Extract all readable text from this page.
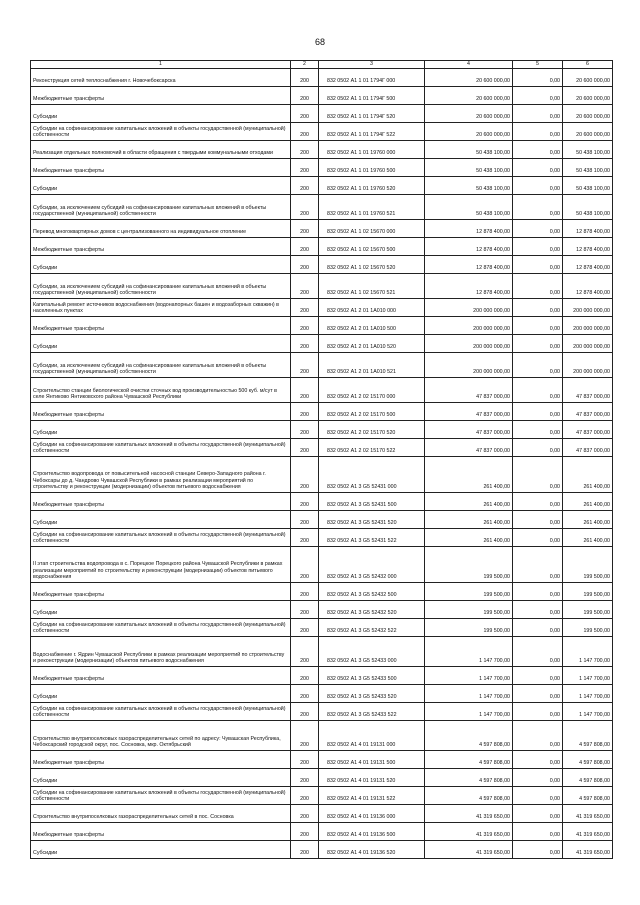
68
1	2	3	4	5	6
Реконструкция сетей теплоснабжения г. Новочебоксарска	200	832 0502 А1 1 01 1794Г 000	20 600 000,00	0,00	20 600 000,00
Межбюджетные трансферты	200	832 0502 А1 1 01 1794Г 500	20 600 000,00	0,00	20 600 000,00
Субсидии	200	832 0502 А1 1 01 1794Г 520	20 600 000,00	0,00	20 600 000,00
Субсидии на софинансирование капитальных вложений в объекты государственной (муниципальной) собственности	200	832 0502 А1 1 01 1794Г 522	20 600 000,00	0,00	20 600 000,00
Реализация отдельных полномочий в области обращения с твердыми коммунальными отходами	200	832 0502 А1 1 01 19760 000	50 438 100,00	0,00	50 438 100,00
Межбюджетные трансферты	200	832 0502 А1 1 01 19760 500	50 438 100,00	0,00	50 438 100,00
Субсидии	200	832 0502 А1 1 01 19760 520	50 438 100,00	0,00	50 438 100,00
Субсидии, за исключением субсидий на софинансирование капитальных вложений в объекты государственной (муниципальной) собственности	200	832 0502 А1 1 01 19760 521	50 438 100,00	0,00	50 438 100,00
Перевод многоквартирных домов с централизованного на индивидуальное отопление	200	832 0502 А1 1 02 15670 000	12 878 400,00	0,00	12 878 400,00
Межбюджетные трансферты	200	832 0502 А1 1 02 15670 500	12 878 400,00	0,00	12 878 400,00
Субсидии	200	832 0502 А1 1 02 15670 520	12 878 400,00	0,00	12 878 400,00
Субсидии, за исключением субсидий на софинансирование капитальных вложений в объекты государственной (муниципальной) собственности	200	832 0502 А1 1 02 15670 521	12 878 400,00	0,00	12 878 400,00
Капитальный ремонт источников водоснабжения (водонапорных башен и водозаборных скважин) в населенных пунктах	200	832 0502 А1 2 01 1А010 000	200 000 000,00	0,00	200 000 000,00
Межбюджетные трансферты	200	832 0502 А1 2 01 1А010 500	200 000 000,00	0,00	200 000 000,00
Субсидии	200	832 0502 А1 2 01 1А010 520	200 000 000,00	0,00	200 000 000,00
Субсидии, за исключением субсидий на софинансирование капитальных вложений в объекты государственной (муниципальной) собственности	200	832 0502 А1 2 01 1А010 521	200 000 000,00	0,00	200 000 000,00
Строительство станции биологической очистки сточных вод производительностью 500 куб. м/сут в селе Янтиково Янтиковского района Чувашской Республики	200	832 0502 А1 2 02 15170 000	47 837 000,00	0,00	47 837 000,00
Межбюджетные трансферты	200	832 0502 А1 2 02 15170 500	47 837 000,00	0,00	47 837 000,00
Субсидии	200	832 0502 А1 2 02 15170 520	47 837 000,00	0,00	47 837 000,00
Субсидии на софинансирование капитальных вложений в объекты государственной (муниципальной) собственности	200	832 0502 А1 2 02 15170 522	47 837 000,00	0,00	47 837 000,00
Строительство водопровода от повысительной насосной станции Северо-Западного района г. Чебоксары до д. Чандрово Чувашской Республики в рамках реализации мероприятий по строительству и реконструкции (модернизации) объектов питьевого водоснабжения	200	832 0502 А1 3 G5 52431 000	261 400,00	0,00	261 400,00
Межбюджетные трансферты	200	832 0502 А1 3 G5 52431 500	261 400,00	0,00	261 400,00
Субсидии	200	832 0502 А1 3 G5 52431 520	261 400,00	0,00	261 400,00
Субсидии на софинансирование капитальных вложений в объекты государственной (муниципальной) собственности	200	832 0502 А1 3 G5 52431 522	261 400,00	0,00	261 400,00
II этап строительства водопровода в с. Порецкое Порецкого района Чувашской Республики в рамках реализации мероприятий по строительству и реконструкции (модернизации) объектов питьевого водоснабжения	200	832 0502 А1 3 G5 52432 000	199 500,00	0,00	199 500,00
Межбюджетные трансферты	200	832 0502 А1 3 G5 52432 500	199 500,00	0,00	199 500,00
Субсидии	200	832 0502 А1 3 G5 52432 520	199 500,00	0,00	199 500,00
Субсидии на софинансирование капитальных вложений в объекты государственной (муниципальной) собственности	200	832 0502 А1 3 G5 52432 522	199 500,00	0,00	199 500,00
Водоснабжение г. Ядрин Чувашской Республики в рамках реализации мероприятий по строительству и реконструкции (модернизации) объектов питьевого водоснабжения	200	832 0502 А1 3 G5 52433 000	1 147 700,00	0,00	1 147 700,00
Межбюджетные трансферты	200	832 0502 А1 3 G5 52433 500	1 147 700,00	0,00	1 147 700,00
Субсидии	200	832 0502 А1 3 G5 52433 520	1 147 700,00	0,00	1 147 700,00
Субсидии на софинансирование капитальных вложений в объекты государственной (муниципальной) собственности	200	832 0502 А1 3 G5 52433 522	1 147 700,00	0,00	1 147 700,00
Строительство внутрипоселковых газораспределительных сетей по адресу: Чувашская Республика, Чебоксарский городской округ, пос. Сосновка, мкр. Октябрьский	200	832 0502 А1 4 01 19131 000	4 597 808,00	0,00	4 597 808,00
Межбюджетные трансферты	200	832 0502 А1 4 01 19131 500	4 597 808,00	0,00	4 597 808,00
Субсидии	200	832 0502 А1 4 01 19131 520	4 597 808,00	0,00	4 597 808,00
Субсидии на софинансирование капитальных вложений в объекты государственной (муниципальной) собственности	200	832 0502 А1 4 01 19131 522	4 597 808,00	0,00	4 597 808,00
Строительство внутрипоселковых газораспределительных сетей в пос. Сосновка	200	832 0502 А1 4 01 19136 000	41 319 650,00	0,00	41 319 650,00
Межбюджетные трансферты	200	832 0502 А1 4 01 19136 500	41 319 650,00	0,00	41 319 650,00
Субсидии	200	832 0502 А1 4 01 19136 520	41 319 650,00	0,00	41 319 650,00
